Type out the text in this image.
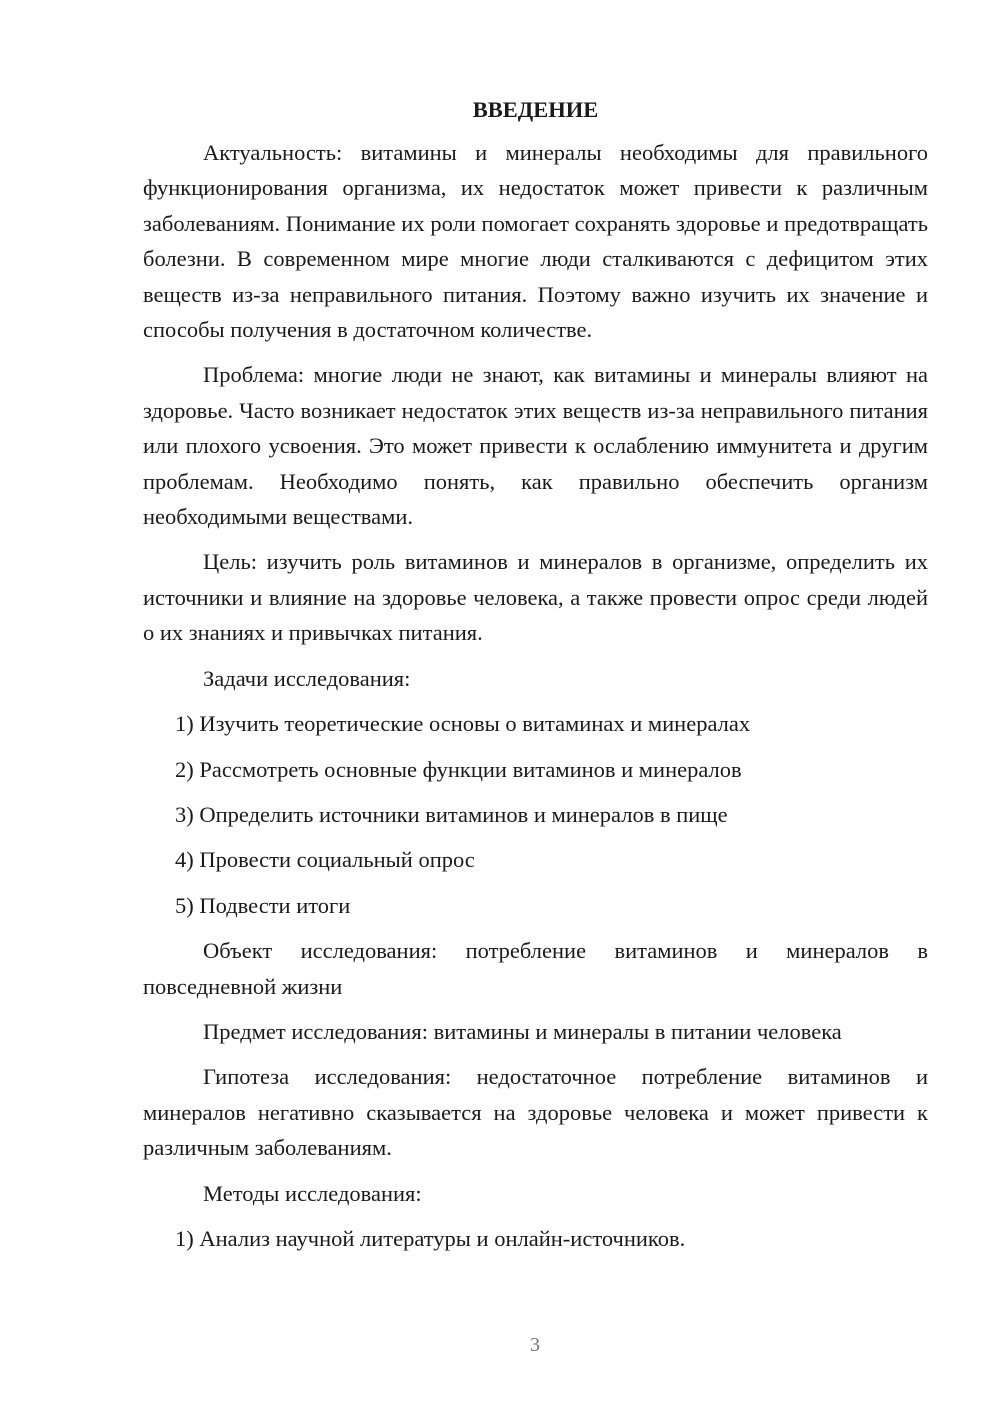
ВВЕДЕНИЕ

Актуальность: витамины и минералы необходимы для правильного функционирования организма, их недостаток может привести к различным заболеваниям. Понимание их роли помогает сохранять здоровье и предотвращать болезни. В современном мире многие люди сталкиваются с дефицитом этих веществ из-за неправильного питания. Поэтому важно изучить их значение и способы получения в достаточном количестве.

Проблема: многие люди не знают, как витамины и минералы влияют на здоровье. Часто возникает недостаток этих веществ из-за неправильного питания или плохого усвоения. Это может привести к ослаблению иммунитета и другим проблемам. Необходимо понять, как правильно обеспечить организм необходимыми веществами.

Цель: изучить роль витаминов и минералов в организме, определить их источники и влияние на здоровье человека, а также провести опрос среди людей о их знаниях и привычках питания.

Задачи исследования:

1) Изучить теоретические основы о витаминах и минералах

2) Рассмотреть основные функции витаминов и минералов

3) Определить источники витаминов и минералов в пище

4) Провести социальный опрос

5) Подвести итоги

Объект исследования: потребление витаминов и минералов в повседневной жизни

Предмет исследования: витамины и минералы в питании человека

Гипотеза исследования: недостаточное потребление витаминов и минералов негативно сказывается на здоровье человека и может привести к различным заболеваниям.

Методы исследования:

1) Анализ научной литературы и онлайн-источников.

3
